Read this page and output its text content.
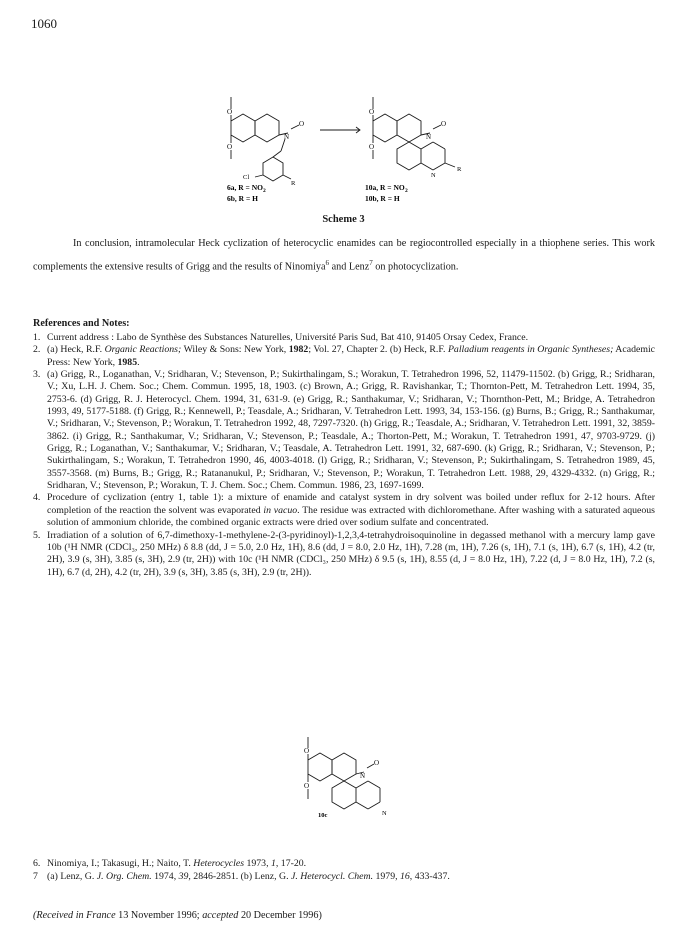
1060
O
O
N
O
Cl
R
O
O
N
O
N
R
6a, R = NO 2
6b, R = H
10a, R = NO 2
10b, R = H
Scheme 3
In conclusion, intramolecular Heck cyclization of heterocyclic enamides can be regiocontrolled especially in a thiophene series. This work complements the extensive results of Grigg and the results of Ninomiya$^6$ and Lenz$^7$ on photocyclization.
References and Notes:
1. Current address : Labo de Synthèse des Substances Naturelles, Université Paris Sud, Bat 410, 91405 Orsay Cedex, France.
2. (a) Heck, R.F. Organic Reactions; Wiley & Sons: New York, 1982; Vol. 27, Chapter 2. (b) Heck, R.F. Palladium reagents in Organic Syntheses; Academic Press: New York, 1985.
3. (a) Grigg, R., Loganathan, V.; Sridharan, V.; Stevenson, P.; Sukirthalingam, S.; Worakun, T. Tetrahedron 1996, 52, 11479-11502. (b) Grigg, R.; Sridharan, V.; Xu, L.H. J. Chem. Soc.; Chem. Commun. 1995, 18, 1903. (c) Brown, A.; Grigg, R. Ravishankar, T.; Thornton-Pett, M. Tetrahedron Lett. 1994, 35, 2753-6. (d) Grigg, R. J. Heterocycl. Chem. 1994, 31, 631-9. (e) Grigg, R.; Santhakumar, V.; Sridharan, V.; Thornthon-Pett, M.; Bridge, A. Tetrahedron 1993, 49, 5177-5188. (f) Grigg, R.; Kennewell, P.; Teasdale, A.; Sridharan, V. Tetrahedron Lett. 1993, 34, 153-156. (g) Burns, B.; Grigg, R.; Santhakumar, V.; Sridharan, V.; Stevenson, P.; Worakun, T. Tetrahedron 1992, 48, 7297-7320. (h) Grigg, R.; Teasdale, A.; Sridharan, V. Tetrahedron Lett. 1991, 32, 3859-3862. (i) Grigg, R.; Santhakumar, V.; Sridharan, V.; Stevenson, P.; Teasdale, A.; Thorton-Pett, M.; Worakun, T. Tetrahedron 1991, 47, 9703-9729. (j) Grigg, R.; Loganathan, V.; Santhakumar, V.; Sridharan, V.; Teasdale, A. Tetrahedron Lett. 1991, 32, 687-690. (k) Grigg, R.; Sridharan, V.; Stevenson, P.; Sukirthalingam, S.; Worakun, T. Tetrahedron 1990, 46, 4003-4018. (l) Grigg, R.; Sridharan, V.; Stevenson, P.; Sukirthalingam, S. Tetrahedron 1989, 45, 3557-3568. (m) Burns, B.; Grigg, R.; Ratananukul, P.; Sridharan, V.; Stevenson, P.; Worakun, T. Tetrahedron Lett. 1988, 29, 4329-4332. (n) Grigg, R.; Sridharan, V.; Stevenson, P.; Worakun, T. J. Chem. Soc.; Chem. Commun. 1986, 23, 1697-1699.
4. Procedure of cyclization (entry 1, table 1): a mixture of enamide and catalyst system in dry solvent was boiled under reflux for 2-12 hours. After completion of the reaction the solvent was evaporated in vacuo. The residue was extracted with dichloromethane. After washing with a saturated aqueous solution of ammonium chloride, the combined organic extracts were dried over sodium sulfate and concentrated.
5. Irradiation of a solution of 6,7-dimethoxy-1-methylene-2-(3-pyridinoyl)-1,2,3,4-tetrahydroisoquinoline in degassed methanol with a mercury lamp gave 10b (¹H NMR (CDCl₃, 250 MHz) δ 8.8 (dd, J = 5.0, 2.0 Hz, 1H), 8.6 (dd, J = 8.0, 2.0 Hz, 1H), 7.28 (m, 1H), 7.26 (s, 1H), 7.1 (s, 1H), 6.7 (s, 1H), 4.2 (tr, 2H), 3.9 (s, 3H), 3.85 (s, 3H), 2.9 (tr, 2H)) with 10c (¹H NMR (CDCl₃, 250 MHz) δ 9.5 (s, 1H), 8.55 (d, J = 8.0 Hz, 1H), 7.22 (d, J = 8.0 Hz, 1H), 7.2 (s, 1H), 6.7 (d, 2H), 4.2 (tr, 2H), 3.9 (s, 3H), 3.85 (s, 3H), 2.9 (tr, 2H)).
O
O
N
O
N
10c
6. Ninomiya, I.; Takasugi, H.; Naito, T. Heterocycles 1973, 1, 17-20.
7 (a) Lenz, G. J. Org. Chem. 1974, 39, 2846-2851. (b) Lenz, G. J. Heterocycl. Chem. 1979, 16, 433-437.
(Received in France 13 November 1996; accepted 20 December 1996)
